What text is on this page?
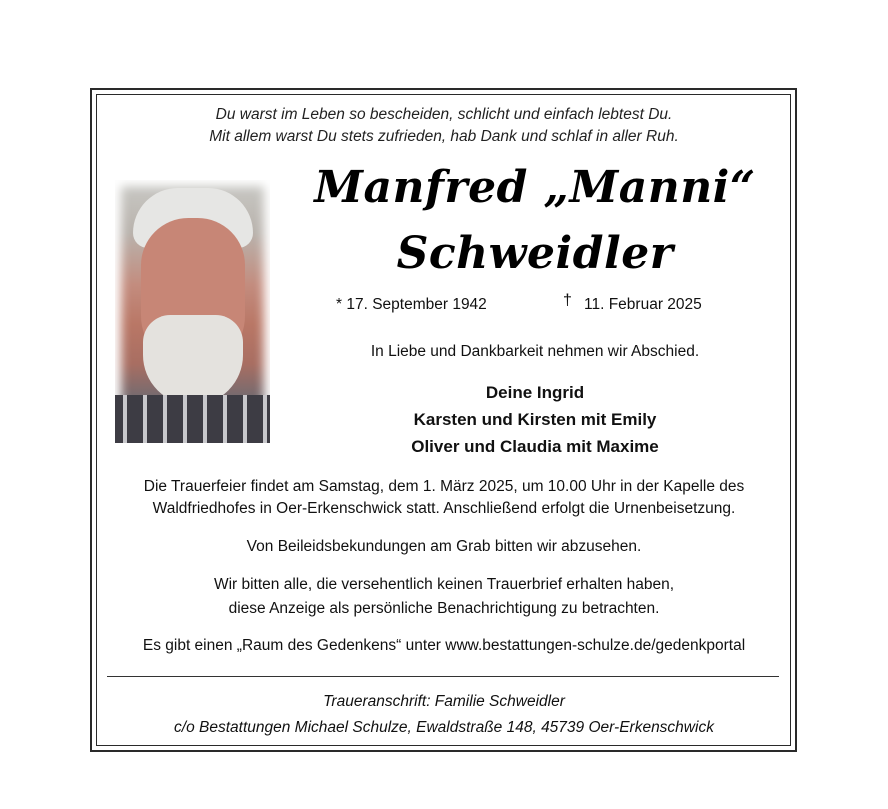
Du warst im Leben so bescheiden, schlicht und einfach lebtest Du.
Mit allem warst Du stets zufrieden, hab Dank und schlaf in aller Ruh.
Manfred „Manni“
Schweidler
* 17. September 1942	† 11. Februar 2025
In Liebe und Dankbarkeit nehmen wir Abschied.
Deine Ingrid
Karsten und Kirsten mit Emily
Oliver und Claudia mit Maxime
Die Trauerfeier findet am Samstag, dem 1. März 2025, um 10.00 Uhr in der Kapelle des
Waldfriedhofes in Oer-Erkenschwick statt. Anschließend erfolgt die Urnenbeisetzung.
Von Beileidsbekundungen am Grab bitten wir abzusehen.
Wir bitten alle, die versehentlich keinen Trauerbrief erhalten haben,
diese Anzeige als persönliche Benachrichtigung zu betrachten.
Es gibt einen „Raum des Gedenkens“ unter www.bestattungen-schulze.de/gedenkportal
Traueranschrift: Familie Schweidler
c/o Bestattungen Michael Schulze, Ewaldstraße 148, 45739 Oer-Erkenschwick
